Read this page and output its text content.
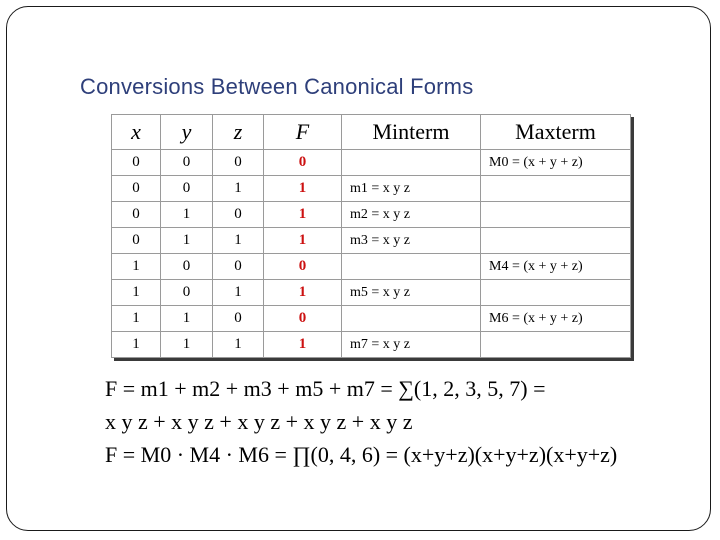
Conversions Between Canonical Forms
x	y	z	F	Minterm	Maxterm
0	0	0	0		M0 = (x + y + z)
0	0	1	1	m1 = x y z	
0	1	0	1	m2 = x y z	
0	1	1	1	m3 = x y z	
1	0	0	0		M4 = (x + y + z)
1	0	1	1	m5 = x y z	
1	1	0	0		M6 = (x + y + z)
1	1	1	1	m7 = x y z	
F = m1 + m2 + m3 + m5 + m7 = ∑(1, 2, 3, 5, 7) =
x y z + x y z + x y z + x y z + x y z
F = M0 · M4 · M6 = ∏(0, 4, 6) = (x+y+z)(x+y+z)(x+y+z)
